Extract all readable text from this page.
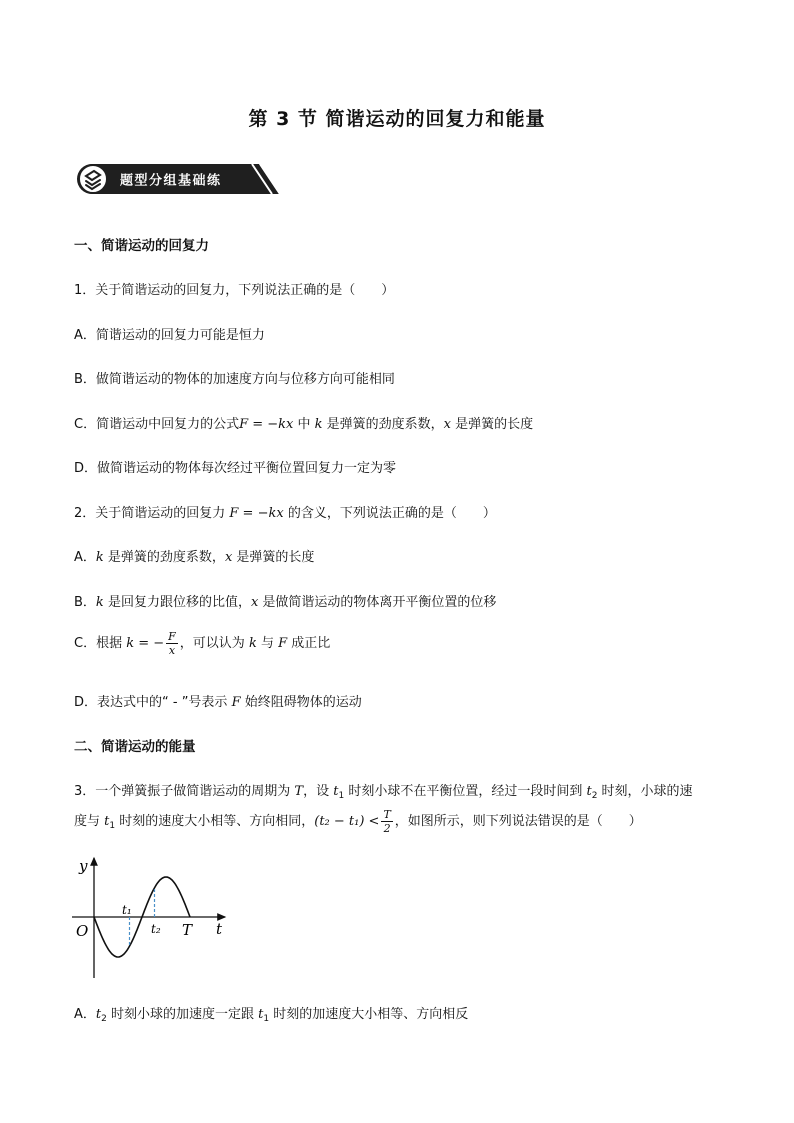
第 3 节 简谐运动的回复力和能量
题型分组基础练
一、简谐运动的回复力
1．关于简谐运动的回复力，下列说法正确的是（　　）
A．简谐运动的回复力可能是恒力
B．做简谐运动的物体的加速度方向与位移方向可能相同
C．简谐运动中回复力的公式F = −kx 中 k 是弹簧的劲度系数，x 是弹簧的长度
D．做简谐运动的物体每次经过平衡位置回复力一定为零
2．关于简谐运动的回复力 F = −kx 的含义，下列说法正确的是（　　）
A．k 是弹簧的劲度系数，x 是弹簧的长度
B．k 是回复力跟位移的比值，x 是做简谐运动的物体离开平衡位置的位移
C．根据 k = − $\frac{F}{x}$ ，可以认为 k 与 F 成正比
D．表达式中的“ - ”号表示 F 始终阻碍物体的运动
二、简谐运动的能量
3．一个弹簧振子做简谐运动的周期为 T，设 $t_1$ 时刻小球不在平衡位置，经过一段时间到 $t_2$ 时刻，小球的速
度与 $t_1$ 时刻的速度大小相等、方向相同，$(t_2 - t_1) < \frac{T}{2}$ ，如图所示，则下列说法错误的是（　　）
y
O
t₁
t₂ T t
A．$t_2$ 时刻小球的加速度一定跟 $t_1$ 时刻的加速度大小相等、方向相反
